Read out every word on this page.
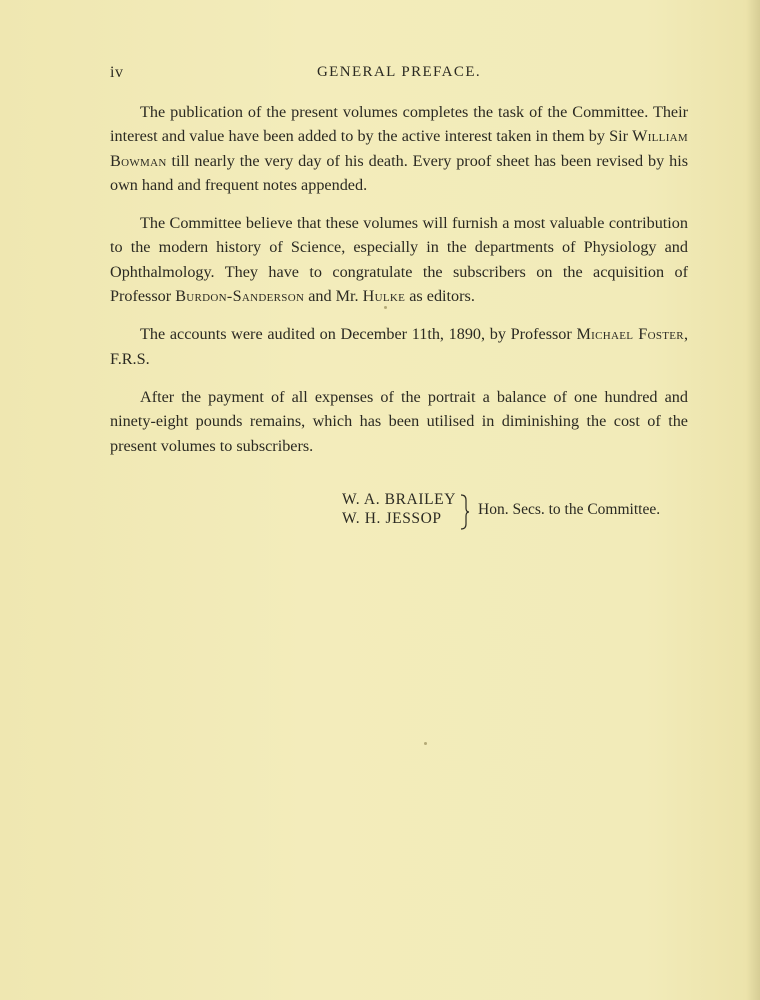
iv	GENERAL PREFACE.

The publication of the present volumes completes the task of the Committee. Their interest and value have been added to by the active interest taken in them by Sir William Bowman till nearly the very day of his death. Every proof sheet has been revised by his own hand and frequent notes appended.

The Committee believe that these volumes will furnish a most valuable contribution to the modern history of Science, especially in the departments of Physiology and Ophthalmology. They have to congratulate the subscribers on the acquisition of Professor Burdon-Sanderson and Mr. Hulke as editors.

The accounts were audited on December 11th, 1890, by Professor Michael Foster, F.R.S.

After the payment of all expenses of the portrait a balance of one hundred and ninety-eight pounds remains, which has been utilised in diminishing the cost of the present volumes to subscribers.

W. A. BRAILEY
W. H. JESSOP
Hon. Secs. to the Committee.
